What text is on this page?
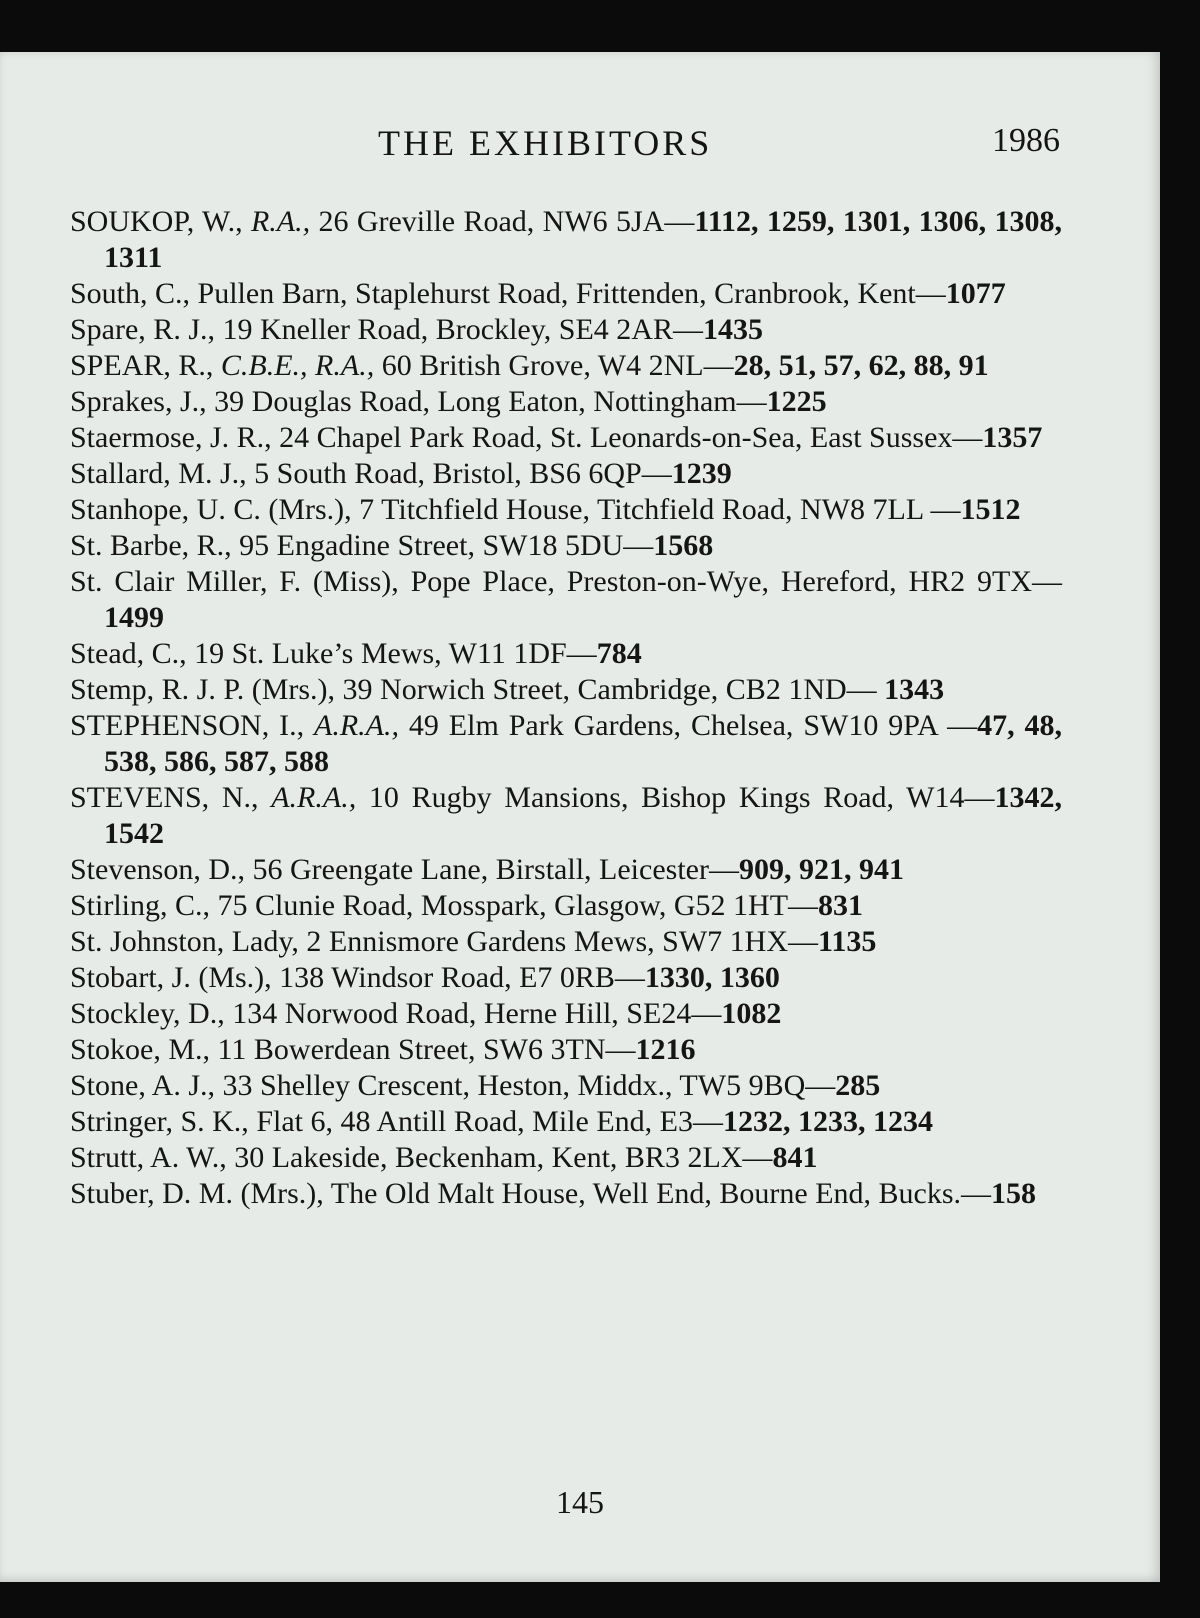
THE EXHIBITORS	1986

SOUKOP, W., R.A., 26 Greville Road, NW6 5JA—1112, 1259, 1301, 1306, 1308, 1311

South, C., Pullen Barn, Staplehurst Road, Frittenden, Cranbrook, Kent—1077

Spare, R. J., 19 Kneller Road, Brockley, SE4 2AR—1435

SPEAR, R., C.B.E., R.A., 60 British Grove, W4 2NL—28, 51, 57, 62, 88, 91

Sprakes, J., 39 Douglas Road, Long Eaton, Nottingham—1225

Staermose, J. R., 24 Chapel Park Road, St. Leonards-on-Sea, East Sussex—1357

Stallard, M. J., 5 South Road, Bristol, BS6 6QP—1239

Stanhope, U. C. (Mrs.), 7 Titchfield House, Titchfield Road, NW8 7LL —1512

St. Barbe, R., 95 Engadine Street, SW18 5DU—1568

St. Clair Miller, F. (Miss), Pope Place, Preston-on-Wye, Hereford, HR2 9TX—1499

Stead, C., 19 St. Luke’s Mews, W11 1DF—784

Stemp, R. J. P. (Mrs.), 39 Norwich Street, Cambridge, CB2 1ND— 1343

STEPHENSON, I., A.R.A., 49 Elm Park Gardens, Chelsea, SW10 9PA —47, 48, 538, 586, 587, 588

STEVENS, N., A.R.A., 10 Rugby Mansions, Bishop Kings Road, W14—1342, 1542

Stevenson, D., 56 Greengate Lane, Birstall, Leicester—909, 921, 941

Stirling, C., 75 Clunie Road, Mosspark, Glasgow, G52 1HT—831

St. Johnston, Lady, 2 Ennismore Gardens Mews, SW7 1HX—1135

Stobart, J. (Ms.), 138 Windsor Road, E7 0RB—1330, 1360

Stockley, D., 134 Norwood Road, Herne Hill, SE24—1082

Stokoe, M., 11 Bowerdean Street, SW6 3TN—1216

Stone, A. J., 33 Shelley Crescent, Heston, Middx., TW5 9BQ—285

Stringer, S. K., Flat 6, 48 Antill Road, Mile End, E3—1232, 1233, 1234

Strutt, A. W., 30 Lakeside, Beckenham, Kent, BR3 2LX—841

Stuber, D. M. (Mrs.), The Old Malt House, Well End, Bourne End, Bucks.—158

145
